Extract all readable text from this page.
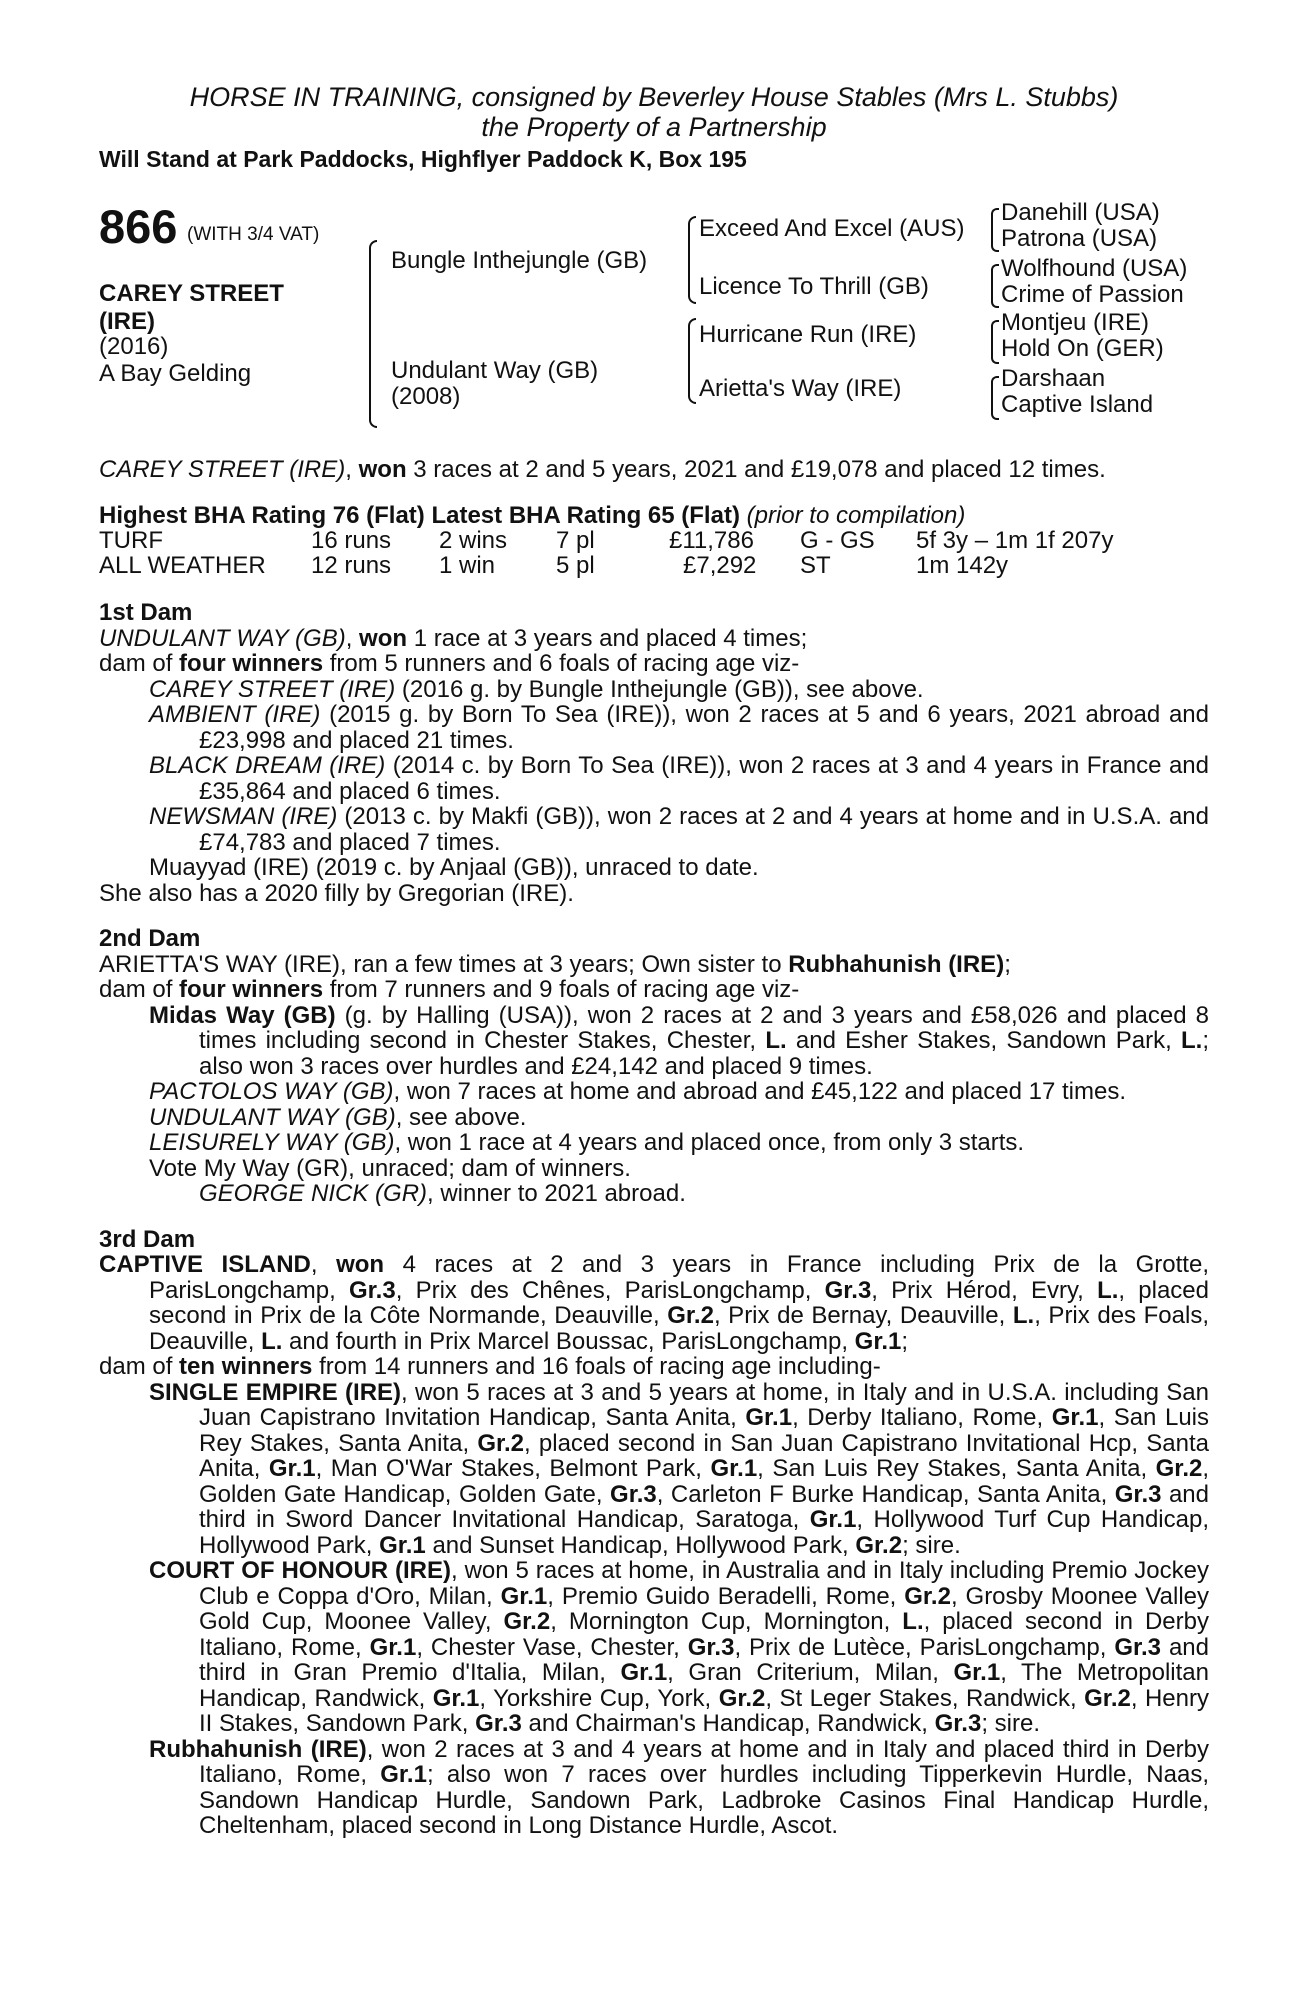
HORSE IN TRAINING, consigned by Beverley House Stables (Mrs L. Stubbs)
the Property of a Partnership
Will Stand at Park Paddocks, Highflyer Paddock K, Box 195
866 (WITH 3/4 VAT)
CAREY STREET (IRE)
(2016)
A Bay Gelding
Bungle Inthejungle (GB)
Undulant Way (GB)
(2008)
Exceed And Excel (AUS)
Licence To Thrill (GB)
Hurricane Run (IRE)
Arietta's Way (IRE)
Danehill (USA)
Patrona (USA)
Wolfhound (USA)
Crime of Passion
Montjeu (IRE)
Hold On (GER)
Darshaan
Captive Island

CAREY STREET (IRE), won 3 races at 2 and 5 years, 2021 and £19,078 and placed 12 times.

Highest BHA Rating 76 (Flat) Latest BHA Rating 65 (Flat) (prior to compilation)

TURF	16 runs 2 wins 7 pl	£11,786 G - GS 5f 3y – 1m 1f 207y
ALL WEATHER 12 runs 1 win	5 pl	£7,292 ST	1m 142y
1st Dam

UNDULANT WAY (GB), won 1 race at 3 years and placed 4 times;

dam of four winners from 5 runners and 6 foals of racing age viz-

CAREY STREET (IRE) (2016 g. by Bungle Inthejungle (GB)), see above.

AMBIENT (IRE) (2015 g. by Born To Sea (IRE)), won 2 races at 5 and 6 years, 2021 abroad and £23,998 and placed 21 times.

BLACK DREAM (IRE) (2014 c. by Born To Sea (IRE)), won 2 races at 3 and 4 years in France and £35,864 and placed 6 times.

NEWSMAN (IRE) (2013 c. by Makfi (GB)), won 2 races at 2 and 4 years at home and in U.S.A. and £74,783 and placed 7 times.

Muayyad (IRE) (2019 c. by Anjaal (GB)), unraced to date.

She also has a 2020 filly by Gregorian (IRE).

2nd Dam

ARIETTA'S WAY (IRE), ran a few times at 3 years; Own sister to Rubhahunish (IRE);

dam of four winners from 7 runners and 9 foals of racing age viz-

Midas Way (GB) (g. by Halling (USA)), won 2 races at 2 and 3 years and £58,026 and placed 8 times including second in Chester Stakes, Chester, L. and Esher Stakes, Sandown Park, L.; also won 3 races over hurdles and £24,142 and placed 9 times.

PACTOLOS WAY (GB), won 7 races at home and abroad and £45,122 and placed 17 times.

UNDULANT WAY (GB), see above.

LEISURELY WAY (GB), won 1 race at 4 years and placed once, from only 3 starts.

Vote My Way (GR), unraced; dam of winners.

GEORGE NICK (GR), winner to 2021 abroad.

3rd Dam

CAPTIVE ISLAND, won 4 races at 2 and 3 years in France including Prix de la Grotte, ParisLongchamp, Gr.3, Prix des Chênes, ParisLongchamp, Gr.3, Prix Hérod, Evry, L., placed second in Prix de la Côte Normande, Deauville, Gr.2, Prix de Bernay, Deauville, L., Prix des Foals, Deauville, L. and fourth in Prix Marcel Boussac, ParisLongchamp, Gr.1;

dam of ten winners from 14 runners and 16 foals of racing age including-

SINGLE EMPIRE (IRE), won 5 races at 3 and 5 years at home, in Italy and in U.S.A. including San Juan Capistrano Invitation Handicap, Santa Anita, Gr.1, Derby Italiano, Rome, Gr.1, San Luis Rey Stakes, Santa Anita, Gr.2, placed second in San Juan Capistrano Invitational Hcp, Santa Anita, Gr.1, Man O'War Stakes, Belmont Park, Gr.1, San Luis Rey Stakes, Santa Anita, Gr.2, Golden Gate Handicap, Golden Gate, Gr.3, Carleton F Burke Handicap, Santa Anita, Gr.3 and third in Sword Dancer Invitational Handicap, Saratoga, Gr.1, Hollywood Turf Cup Handicap, Hollywood Park, Gr.1 and Sunset Handicap, Hollywood Park, Gr.2; sire.

COURT OF HONOUR (IRE), won 5 races at home, in Australia and in Italy including Premio Jockey Club e Coppa d'Oro, Milan, Gr.1, Premio Guido Beradelli, Rome, Gr.2, Grosby Moonee Valley Gold Cup, Moonee Valley, Gr.2, Mornington Cup, Mornington, L., placed second in Derby Italiano, Rome, Gr.1, Chester Vase, Chester, Gr.3, Prix de Lutèce, ParisLongchamp, Gr.3 and third in Gran Premio d'Italia, Milan, Gr.1, Gran Criterium, Milan, Gr.1, The Metropolitan Handicap, Randwick, Gr.1, Yorkshire Cup, York, Gr.2, St Leger Stakes, Randwick, Gr.2, Henry II Stakes, Sandown Park, Gr.3 and Chairman's Handicap, Randwick, Gr.3; sire.

Rubhahunish (IRE), won 2 races at 3 and 4 years at home and in Italy and placed third in Derby Italiano, Rome, Gr.1; also won 7 races over hurdles including Tipperkevin Hurdle, Naas, Sandown Handicap Hurdle, Sandown Park, Ladbroke Casinos Final Handicap Hurdle, Cheltenham, placed second in Long Distance Hurdle, Ascot.
